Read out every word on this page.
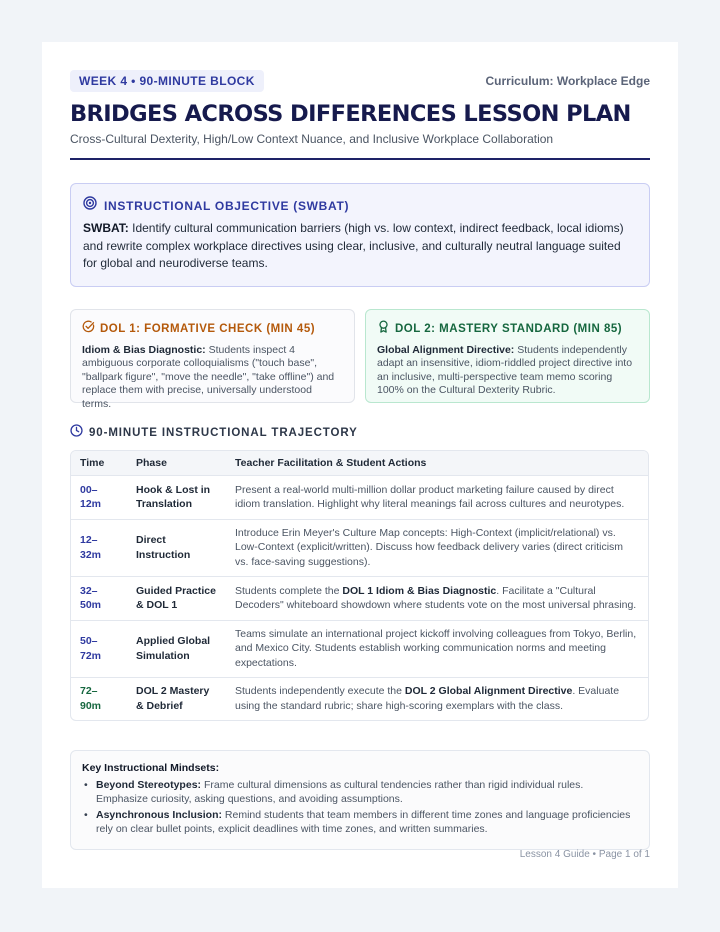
WEEK 4 • 90-MINUTE BLOCK	Curriculum: Workplace Edge
BRIDGES ACROSS DIFFERENCES LESSON PLAN
Cross-Cultural Dexterity, High/Low Context Nuance, and Inclusive Workplace Collaboration
INSTRUCTIONAL OBJECTIVE (SWBAT)

SWBAT: Identify cultural communication barriers (high vs. low context, indirect feedback, local idioms) and rewrite complex workplace directives using clear, inclusive, and culturally neutral language suited for global and neurodiverse teams.

DOL 1: FORMATIVE CHECK (MIN 45)

Idiom & Bias Diagnostic: Students inspect 4 ambiguous corporate colloquialisms ("touch base", "ballpark figure", "move the needle", "take offline") and replace them with precise, universally understood terms.

DOL 2: MASTERY STANDARD (MIN 85)

Global Alignment Directive: Students independently adapt an insensitive, idiom-riddled project directive into an inclusive, multi-perspective team memo scoring 100% on the Cultural Dexterity Rubric.

90-MINUTE INSTRUCTIONAL TRAJECTORY
Time	Phase	Teacher Facilitation & Student Actions
00–12m	Hook & Lost in Translation	Present a real-world multi-million dollar product marketing failure caused by direct idiom translation. Highlight why literal meanings fail across cultures and neurotypes.
12–32m	Direct Instruction	Introduce Erin Meyer's Culture Map concepts: High-Context (implicit/relational) vs. Low-Context (explicit/written). Discuss how feedback delivery varies (direct criticism vs. face-saving suggestions).
32–50m	Guided Practice & DOL 1	Students complete the DOL 1 Idiom & Bias Diagnostic. Facilitate a "Cultural Decoders" whiteboard showdown where students vote on the most universal phrasing.
50–72m	Applied Global Simulation	Teams simulate an international project kickoff involving colleagues from Tokyo, Berlin, and Mexico City. Students establish working communication norms and meeting expectations.
72–90m	DOL 2 Mastery & Debrief	Students independently execute the DOL 2 Global Alignment Directive. Evaluate using the standard rubric; share high-scoring exemplars with the class.
Key Instructional Mindsets:
• Beyond Stereotypes: Frame cultural dimensions as cultural tendencies rather than rigid individual rules. Emphasize curiosity, asking questions, and avoiding assumptions.
• Asynchronous Inclusion: Remind students that team members in different time zones and language proficiencies rely on clear bullet points, explicit deadlines with time zones, and written summaries.
Lesson 4 Guide • Page 1 of 1
